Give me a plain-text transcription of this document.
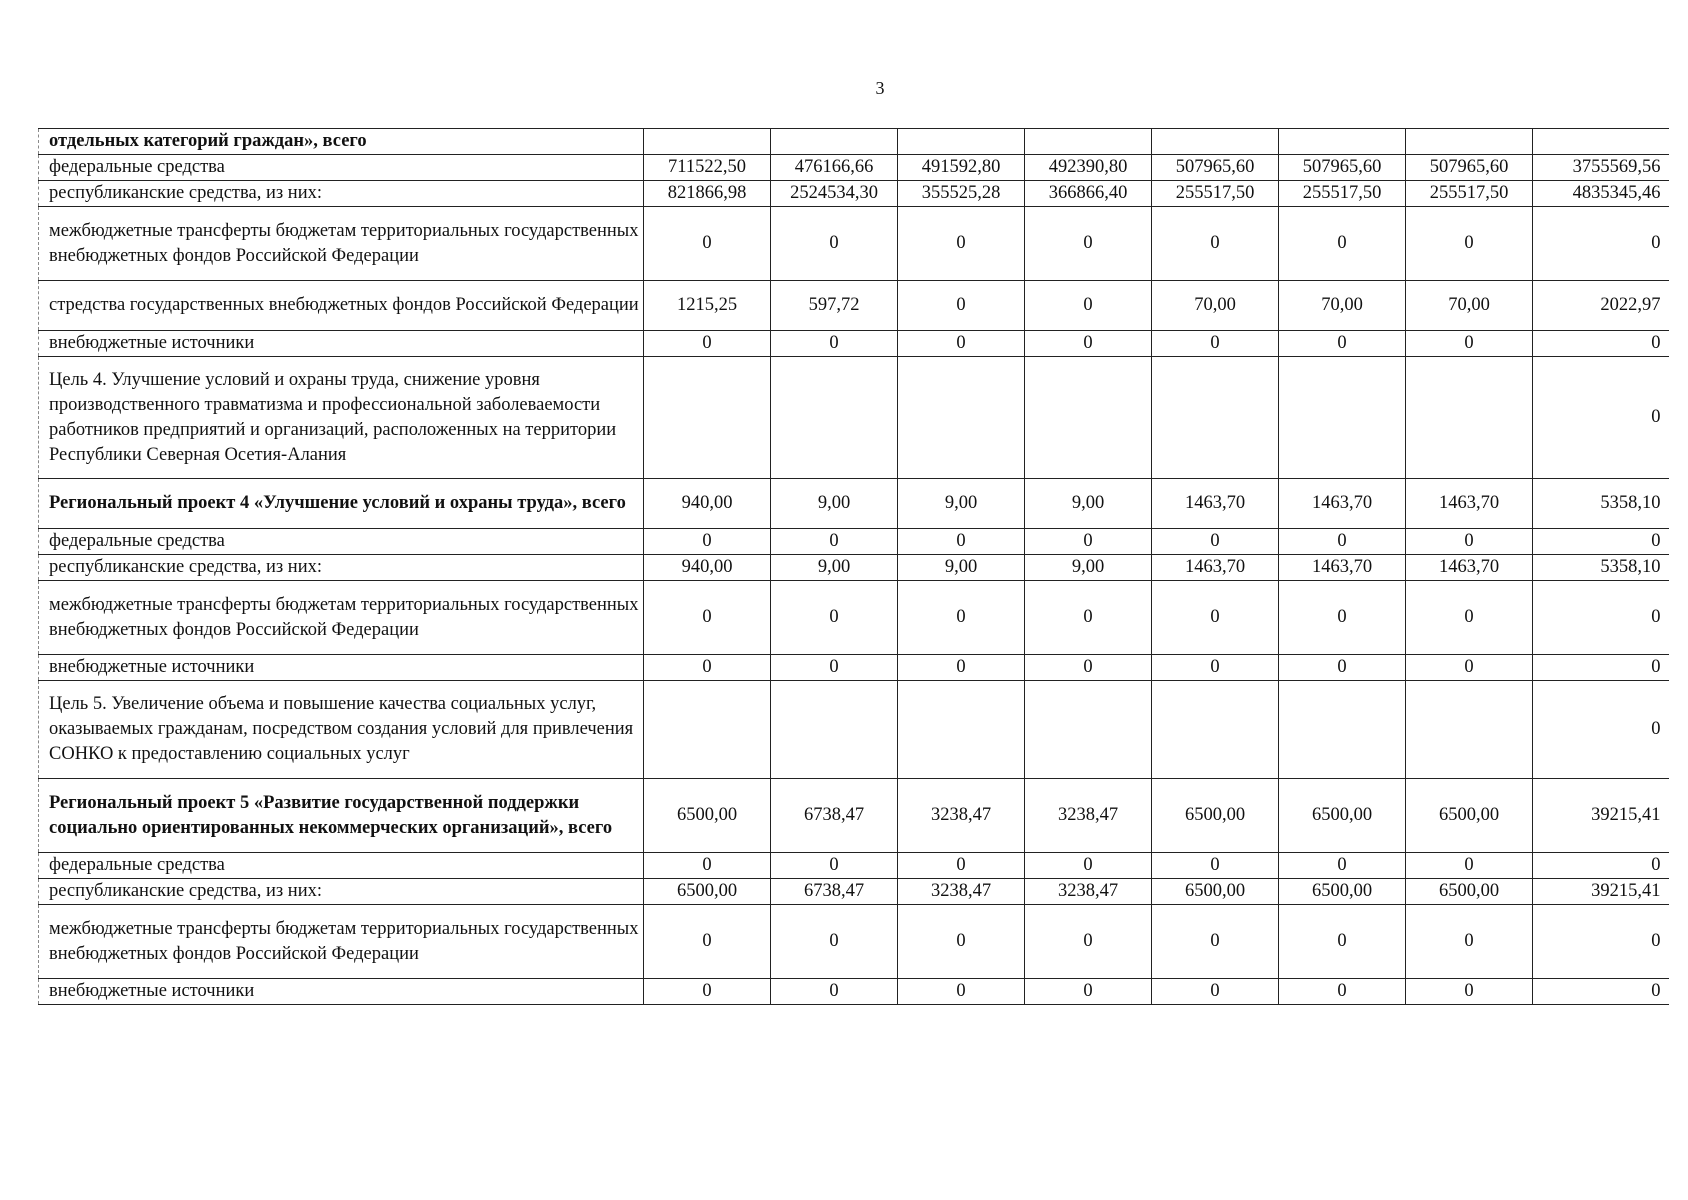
3
отдельных категорий граждан», всего								
федеральные средства	711522,50	476166,66	491592,80	492390,80	507965,60	507965,60	507965,60	3755569,56
республиканские средства, из них:	821866,98	2524534,30	355525,28	366866,40	255517,50	255517,50	255517,50	4835345,46
межбюджетные трансферты бюджетам территориальных государственных внебюджетных фондов Российской Федерации	0	0	0	0	0	0	0	0
стредства государственных внебюджетных фондов Российской Федерации	1215,25	597,72	0	0	70,00	70,00	70,00	2022,97
внебюджетные источники	0	0	0	0	0	0	0	0
Цель 4. Улучшение условий и охраны труда, снижение уровня производственного травматизма и профессиональной заболеваемости работников предприятий и организаций, расположенных на территории Республики Северная Осетия-Алания								0
Региональный проект 4 «Улучшение условий и охраны труда», всего	940,00	9,00	9,00	9,00	1463,70	1463,70	1463,70	5358,10
федеральные средства	0	0	0	0	0	0	0	0
республиканские средства, из них:	940,00	9,00	9,00	9,00	1463,70	1463,70	1463,70	5358,10
межбюджетные трансферты бюджетам территориальных государственных внебюджетных фондов Российской Федерации	0	0	0	0	0	0	0	0
внебюджетные источники	0	0	0	0	0	0	0	0
Цель 5. Увеличение объема и повышение качества социальных услуг, оказываемых гражданам, посредством создания условий для привлечения СОНКО к предоставлению социальных услуг								0
Региональный проект 5 «Развитие государственной поддержки социально ориентированных некоммерческих организаций», всего	6500,00	6738,47	3238,47	3238,47	6500,00	6500,00	6500,00	39215,41
федеральные средства	0	0	0	0	0	0	0	0
республиканские средства, из них:	6500,00	6738,47	3238,47	3238,47	6500,00	6500,00	6500,00	39215,41
межбюджетные трансферты бюджетам территориальных государственных внебюджетных фондов Российской Федерации	0	0	0	0	0	0	0	0
внебюджетные источники	0	0	0	0	0	0	0	0
